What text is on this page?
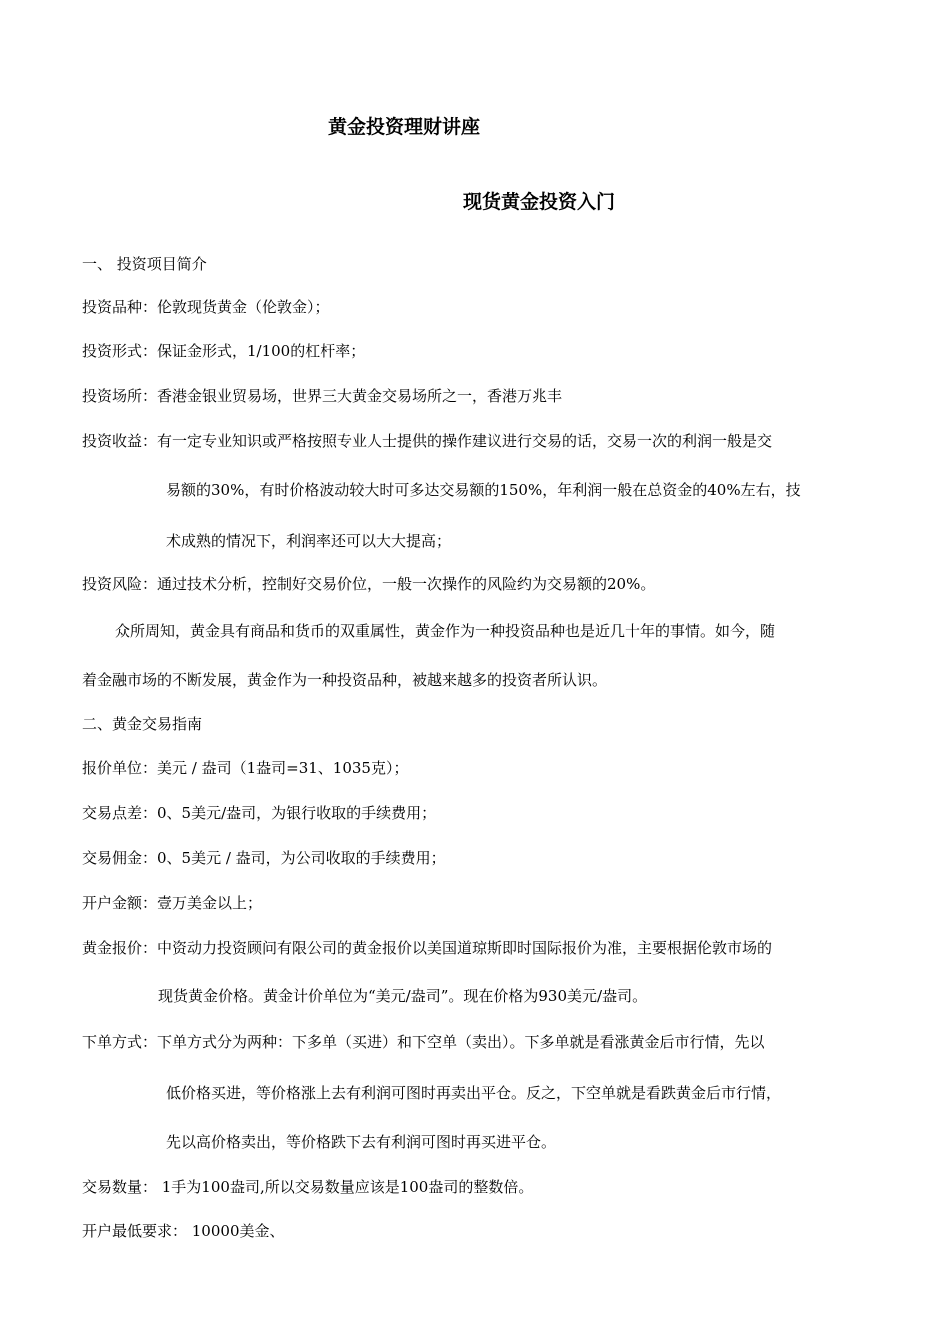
黄金投资理财讲座
现货黄金投资入门
一、 投资项目简介
投资品种：伦敦现货黄金（伦敦金）；
投资形式：保证金形式，1/100的杠杆率；
投资场所：香港金银业贸易场，世界三大黄金交易场所之一，香港万兆丰
投资收益：有一定专业知识或严格按照专业人士提供的操作建议进行交易的话，交易一次的利润一般是交
易额的30%，有时价格波动较大时可多达交易额的150%，年利润一般在总资金的40%左右，技
术成熟的情况下，利润率还可以大大提高；
投资风险：通过技术分析，控制好交易价位，一般一次操作的风险约为交易额的20%。
众所周知，黄金具有商品和货币的双重属性，黄金作为一种投资品种也是近几十年的事情。如今，随
着金融市场的不断发展，黄金作为一种投资品种，被越来越多的投资者所认识。
二、黄金交易指南
报价单位：美元 / 盎司（1盎司=31、1035克）；
交易点差：0、5美元/盎司，为银行收取的手续费用；
交易佣金：0、5美元 / 盎司，为公司收取的手续费用；
开户金额：壹万美金以上；
黄金报价：中资动力投资顾问有限公司的黄金报价以美国道琼斯即时国际报价为准，主要根据伦敦市场的
现货黄金价格。黄金计价单位为“美元/盎司”。现在价格为930美元/盎司。
下单方式：下单方式分为两种：下多单（买进）和下空单（卖出）。下多单就是看涨黄金后市行情，先以
低价格买进，等价格涨上去有利润可图时再卖出平仓。反之，下空单就是看跌黄金后市行情，
先以高价格卖出，等价格跌下去有利润可图时再买进平仓。
交易数量： 1手为100盎司,所以交易数量应该是100盎司的整数倍。
开户最低要求： 10000美金、
